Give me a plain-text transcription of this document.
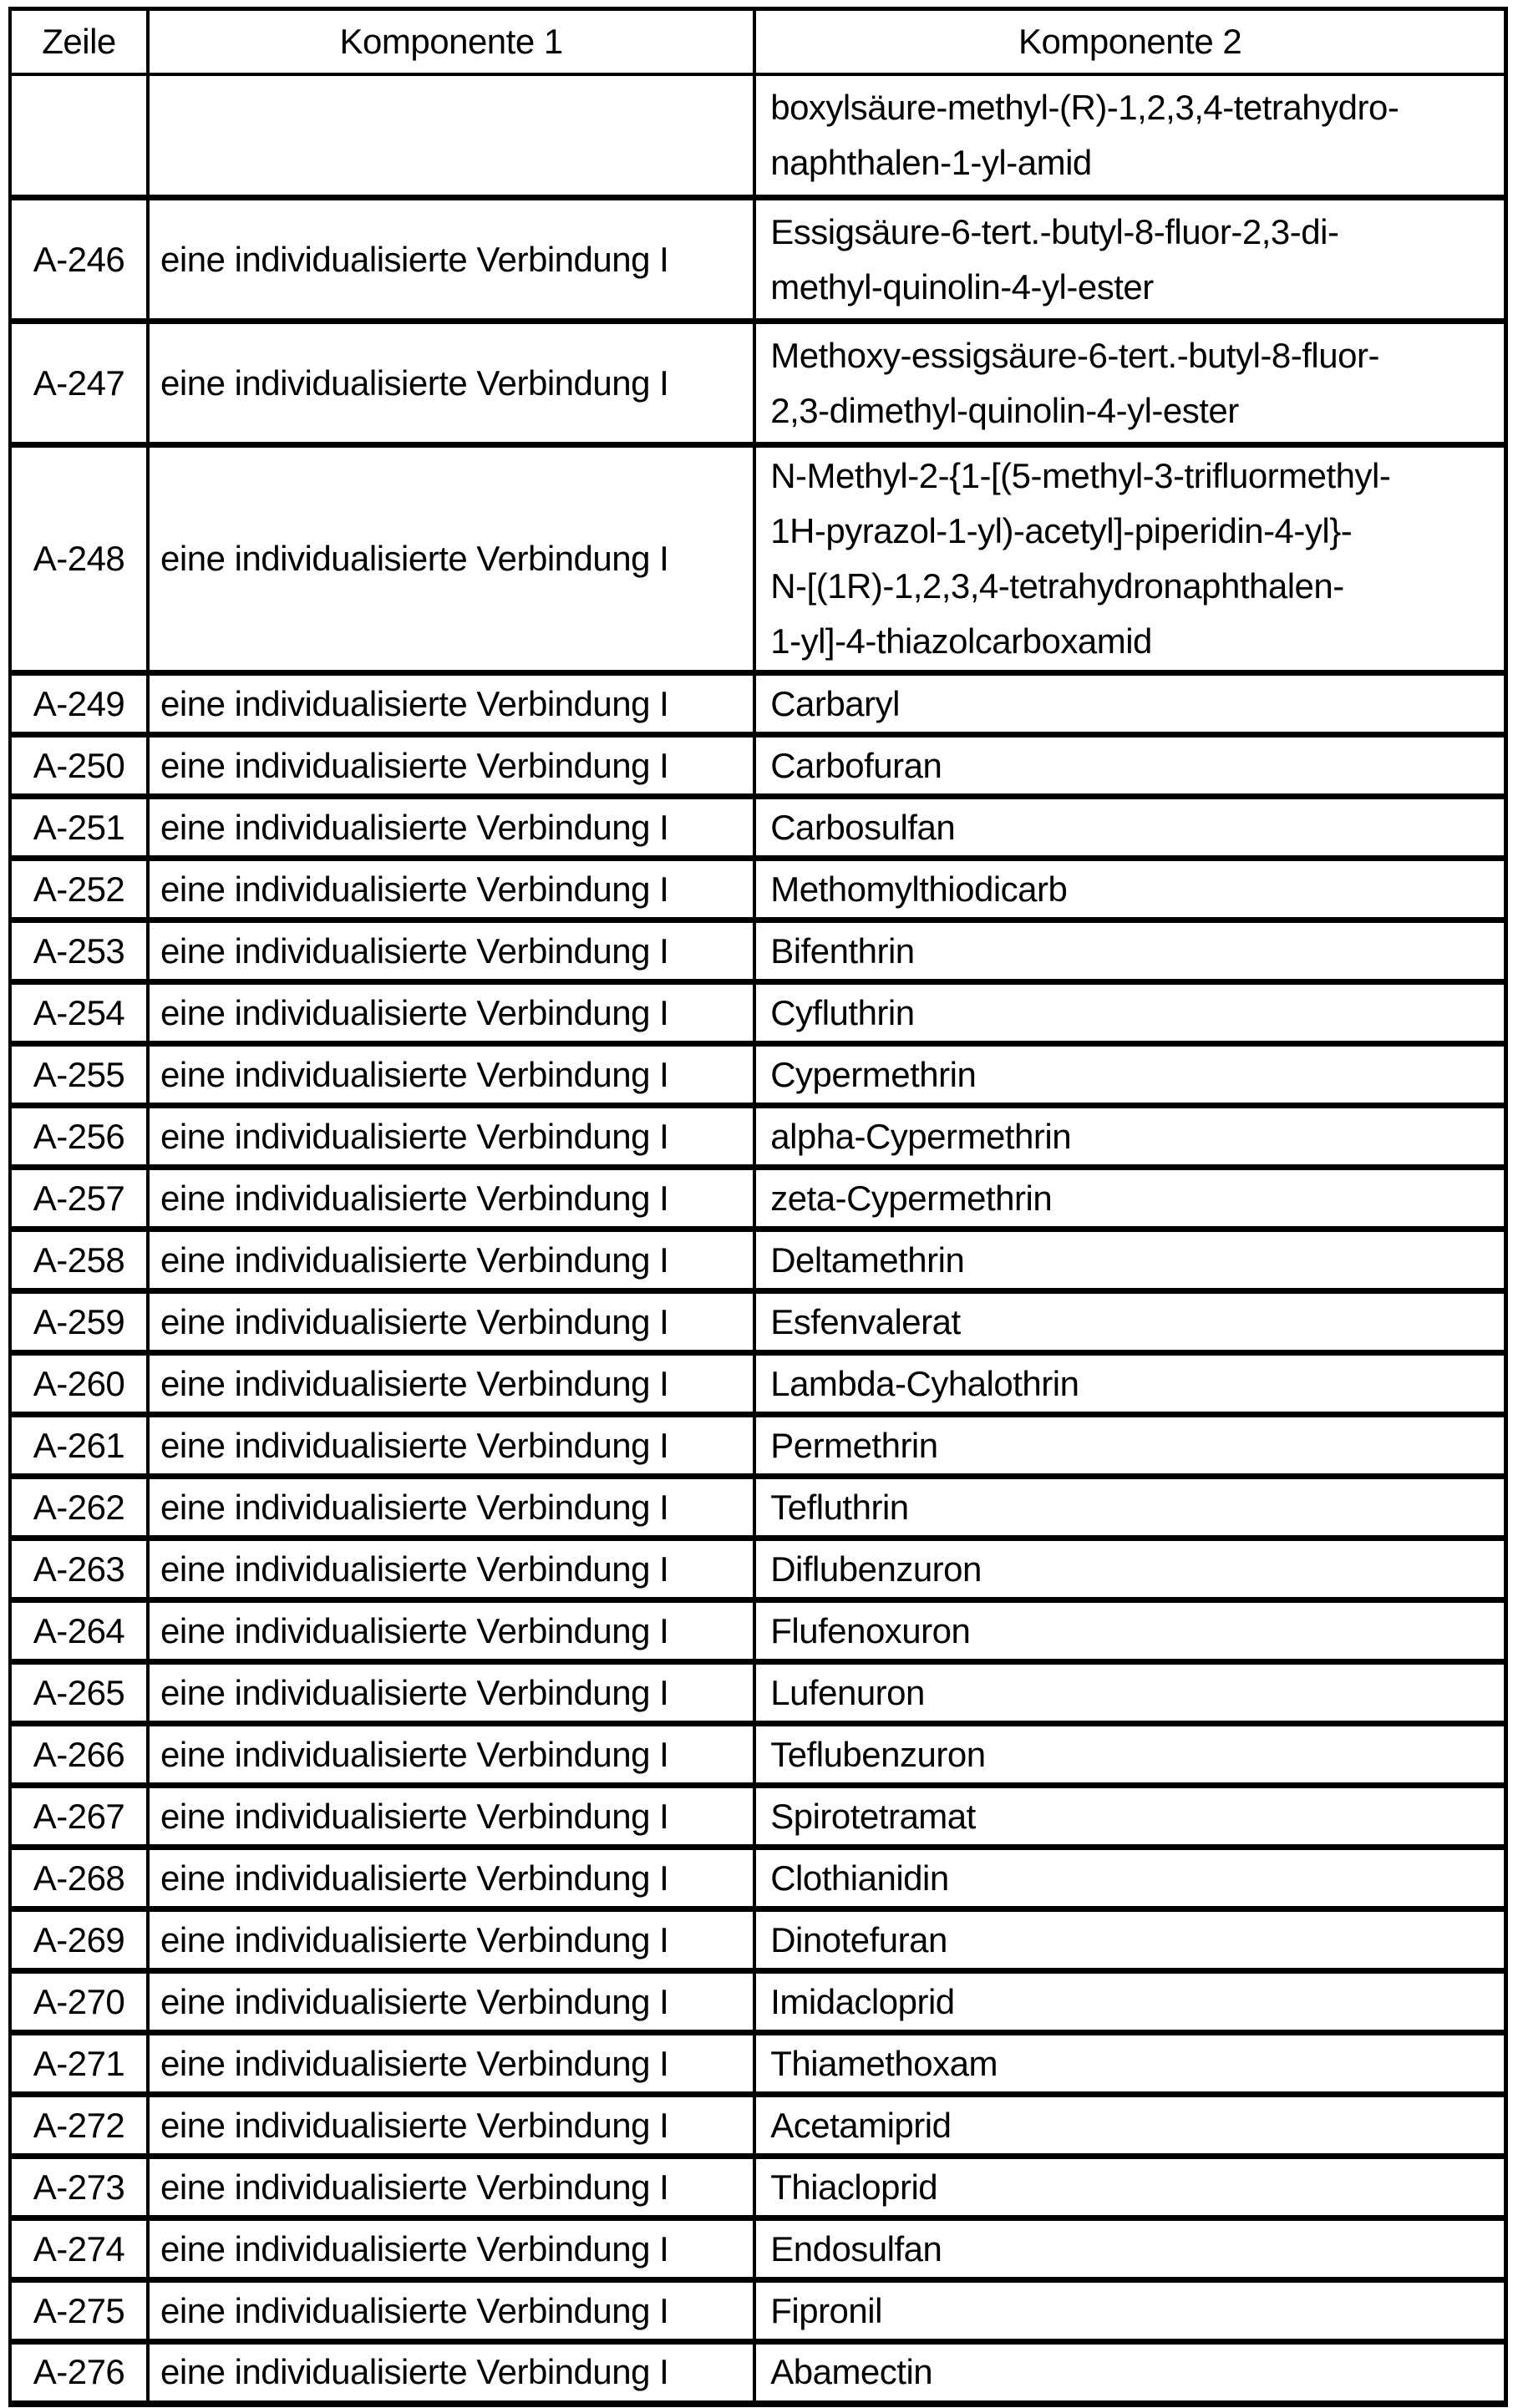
Zeile	Komponente 1	Komponente 2

		boxylsäure-methyl-(R)-1,2,3,4-tetrahydro-
naphthalen-1-yl-amid

A-246	eine individualisierte Verbindung I	Essigsäure-6-tert.-butyl-8-fluor-2,3-di-
methyl-quinolin-4-yl-ester

A-247	eine individualisierte Verbindung I	Methoxy-essigsäure-6-tert.-butyl-8-fluor-
2,3-dimethyl-quinolin-4-yl-ester

A-248	eine individualisierte Verbindung I	N-Methyl-2-{1-[(5-methyl-3-trifluormethyl-
1H-pyrazol-1-yl)-acetyl]-piperidin-4-yl}-
N-[(1R)-1,2,3,4-tetrahydronaphthalen-
1-yl]-4-thiazolcarboxamid

A-249	eine individualisierte Verbindung I	Carbaryl
A-250	eine individualisierte Verbindung I	Carbofuran
A-251	eine individualisierte Verbindung I	Carbosulfan
A-252	eine individualisierte Verbindung I	Methomylthiodicarb
A-253	eine individualisierte Verbindung I	Bifenthrin
A-254	eine individualisierte Verbindung I	Cyfluthrin
A-255	eine individualisierte Verbindung I	Cypermethrin
A-256	eine individualisierte Verbindung I	alpha-Cypermethrin
A-257	eine individualisierte Verbindung I	zeta-Cypermethrin
A-258	eine individualisierte Verbindung I	Deltamethrin
A-259	eine individualisierte Verbindung I	Esfenvalerat
A-260	eine individualisierte Verbindung I	Lambda-Cyhalothrin
A-261	eine individualisierte Verbindung I	Permethrin
A-262	eine individualisierte Verbindung I	Tefluthrin
A-263	eine individualisierte Verbindung I	Diflubenzuron
A-264	eine individualisierte Verbindung I	Flufenoxuron
A-265	eine individualisierte Verbindung I	Lufenuron
A-266	eine individualisierte Verbindung I	Teflubenzuron
A-267	eine individualisierte Verbindung I	Spirotetramat
A-268	eine individualisierte Verbindung I	Clothianidin
A-269	eine individualisierte Verbindung I	Dinotefuran
A-270	eine individualisierte Verbindung I	Imidacloprid
A-271	eine individualisierte Verbindung I	Thiamethoxam
A-272	eine individualisierte Verbindung I	Acetamiprid
A-273	eine individualisierte Verbindung I	Thiacloprid
A-274	eine individualisierte Verbindung I	Endosulfan
A-275	eine individualisierte Verbindung I	Fipronil
A-276	eine individualisierte Verbindung I	Abamectin
